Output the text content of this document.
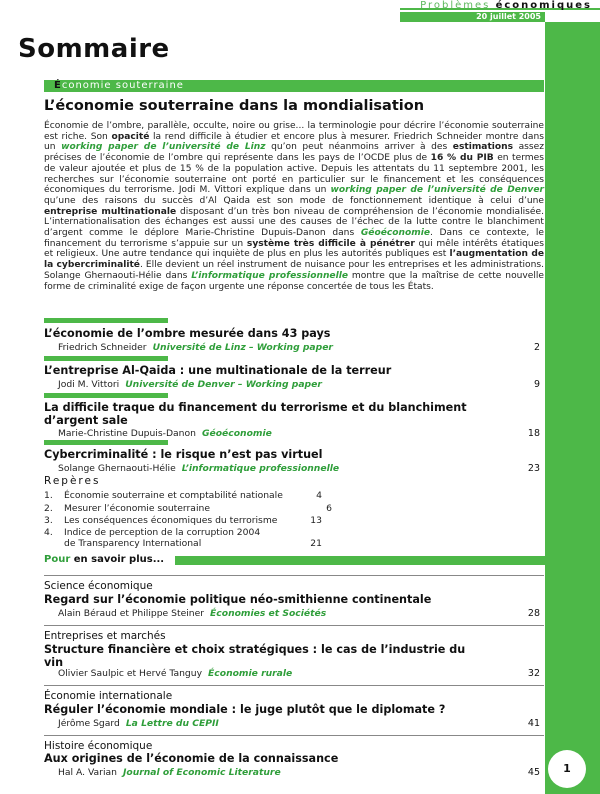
Problèmes économiques
20 juillet 2005
Sommaire
Économie souterraine
L’économie souterraine dans la mondialisation
Économie de l’ombre, parallèle, occulte, noire ou grise... la terminologie pour décrire l’économie souterraine est riche. Son opacité la rend difficile à étudier et encore plus à mesurer. Friedrich Schneider montre dans un working paper de l’université de Linz qu’on peut néanmoins arriver à des estimations assez précises de l’économie de l’ombre qui représente dans les pays de l’OCDE plus de 16 % du PIB en termes de valeur ajoutée et plus de 15 % de la population active. Depuis les attentats du 11 septembre 2001, les recherches sur l’économie souterraine ont porté en particulier sur le financement et les conséquences économiques du terrorisme. Jodi M. Vittori explique dans un working paper de l’université de Denver qu’une des raisons du succès d’Al Qaida est son mode de fonctionnement identique à celui d’une entreprise multinationale disposant d’un très bon niveau de compréhension de l’économie mondialisée. L’internationalisation des échanges est aussi une des causes de l’échec de la lutte contre le blanchiment d’argent comme le déplore Marie-Christine Dupuis-Danon dans Géoéconomie. Dans ce contexte, le financement du terrorisme s’appuie sur un système très difficile à pénétrer qui mêle intérêts étatiques et religieux. Une autre tendance qui inquiète de plus en plus les autorités publiques est l’augmentation de la cybercriminalité. Elle devient un réel instrument de nuisance pour les entreprises et les administrations. Solange Ghernaouti-Hélie dans L’informatique professionnelle montre que la maîtrise de cette nouvelle forme de criminalité exige de façon urgente une réponse concertée de tous les États.
L’économie de l’ombre mesurée dans 43 pays
Friedrich Schneider Université de Linz – Working paper	2
L’entreprise Al-Qaida : une multinationale de la terreur
Jodi M. Vittori Université de Denver – Working paper	9
La difficile traque du financement du terrorisme et du blanchiment d’argent sale
Marie-Christine Dupuis-Danon Géoéconomie	18
Cybercriminalité : le risque n’est pas virtuel
Solange Ghernaouti-Hélie L’informatique professionnelle	23
Repères
1. Économie souterraine et comptabilité nationale	4
2. Mesurer l’économie souterraine	6
3. Les conséquences économiques du terrorisme	13
4. Indice de perception de la corruption 2004 de Transparency International	21
Pour en savoir plus...
Science économique
Regard sur l’économie politique néo-smithienne continentale
Alain Béraud et Philippe Steiner Économies et Sociétés	28
Entreprises et marchés
Structure financière et choix stratégiques : le cas de l’industrie du vin
Olivier Saulpic et Hervé Tanguy Économie rurale	32
Économie internationale
Réguler l’économie mondiale : le juge plutôt que le diplomate ?
Jérôme Sgard La Lettre du CEPII	41
Histoire économique
Aux origines de l’économie de la connaissance
Hal A. Varian Journal of Economic Literature	45	1
